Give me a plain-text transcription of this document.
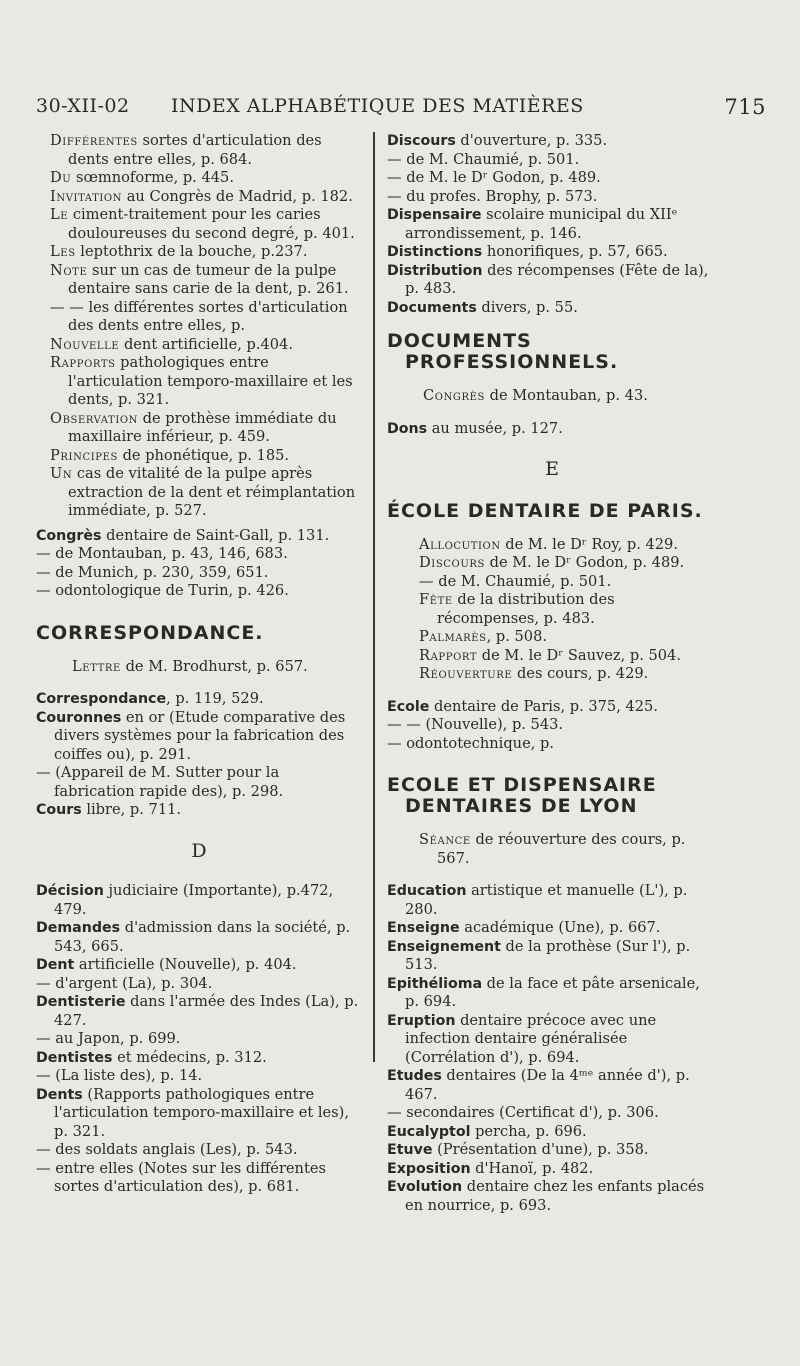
30-XII-02 INDEX ALPHABÉTIQUE DES MATIÈRES	715

Différentes sortes d'articulation des dents entre elles, p. 684.

Du sœmnoforme, p. 445.

Invitation au Congrès de Madrid, p. 182.

Le ciment-traitement pour les caries douloureuses du second degré, p. 401.

Les leptothrix de la bouche, p.237.

Note sur un cas de tumeur de la pulpe dentaire sans carie de la dent, p. 261.

— — les différentes sortes d'articulation des dents entre elles, p.

Nouvelle dent artificielle, p.404.

Rapports pathologiques entre l'articulation temporo-maxillaire et les dents, p. 321.

Observation de prothèse immédiate du maxillaire inférieur, p. 459.

Principes de phonétique, p. 185.

Un cas de vitalité de la pulpe après extraction de la dent et réimplantation immédiate, p. 527.

Congrès dentaire de Saint-Gall, p. 131.

— de Montauban, p. 43, 146, 683.

— de Munich, p. 230, 359, 651.

— odontologique de Turin, p. 426.

CORRESPONDANCE.

Lettre de M. Brodhurst, p. 657.

Correspondance, p. 119, 529.

Couronnes en or (Etude comparative des divers systèmes pour la fabrication des coiffes ou), p. 291.

— (Appareil de M. Sutter pour la fabrication rapide des), p. 298.

Cours libre, p. 711.

D

Décision judiciaire (Importante), p.472, 479.

Demandes d'admission dans la société, p. 543, 665.

Dent artificielle (Nouvelle), p. 404.

— d'argent (La), p. 304.

Dentisterie dans l'armée des Indes (La), p. 427.

— au Japon, p. 699.

Dentistes et médecins, p. 312.

— (La liste des), p. 14.

Dents (Rapports pathologiques entre l'articulation temporo-maxillaire et les), p. 321.

— des soldats anglais (Les), p. 543.

— entre elles (Notes sur les différentes sortes d'articulation des), p. 681.

Discours d'ouverture, p. 335.

— de M. Chaumié, p. 501.

— de M. le Dʳ Godon, p. 489.

— du profes. Brophy, p. 573.

Dispensaire scolaire municipal du XIIᵉ arrondissement, p. 146.

Distinctions honorifiques, p. 57, 665.

Distribution des récompenses (Fête de la), p. 483.

Documents divers, p. 55.

DOCUMENTS PROFESSIONNELS.

Congrès de Montauban, p. 43.

Dons au musée, p. 127.

E

ÉCOLE DENTAIRE DE PARIS.

Allocution de M. le Dʳ Roy, p. 429.

Discours de M. le Dʳ Godon, p. 489.

— de M. Chaumié, p. 501.

Fête de la distribution des récompenses, p. 483.

Palmarès, p. 508.

Rapport de M. le Dʳ Sauvez, p. 504.

Réouverture des cours, p. 429.

Ecole dentaire de Paris, p. 375, 425.

— — (Nouvelle), p. 543.

— odontotechnique, p.

ECOLE ET DISPENSAIRE DENTAIRES DE LYON

Séance de réouverture des cours, p. 567.

Education artistique et manuelle (L'), p. 280.

Enseigne académique (Une), p. 667.

Enseignement de la prothèse (Sur l'), p. 513.

Epithélioma de la face et pâte arsenicale, p. 694.

Eruption dentaire précoce avec une infection dentaire généralisée (Corrélation d'), p. 694.

Etudes dentaires (De la 4ᵐᵉ année d'), p. 467.

— secondaires (Certificat d'), p. 306.

Eucalyptol percha, p. 696.

Etuve (Présentation d'une), p. 358.

Exposition d'Hanoï, p. 482.

Evolution dentaire chez les enfants placés en nourrice, p. 693.
